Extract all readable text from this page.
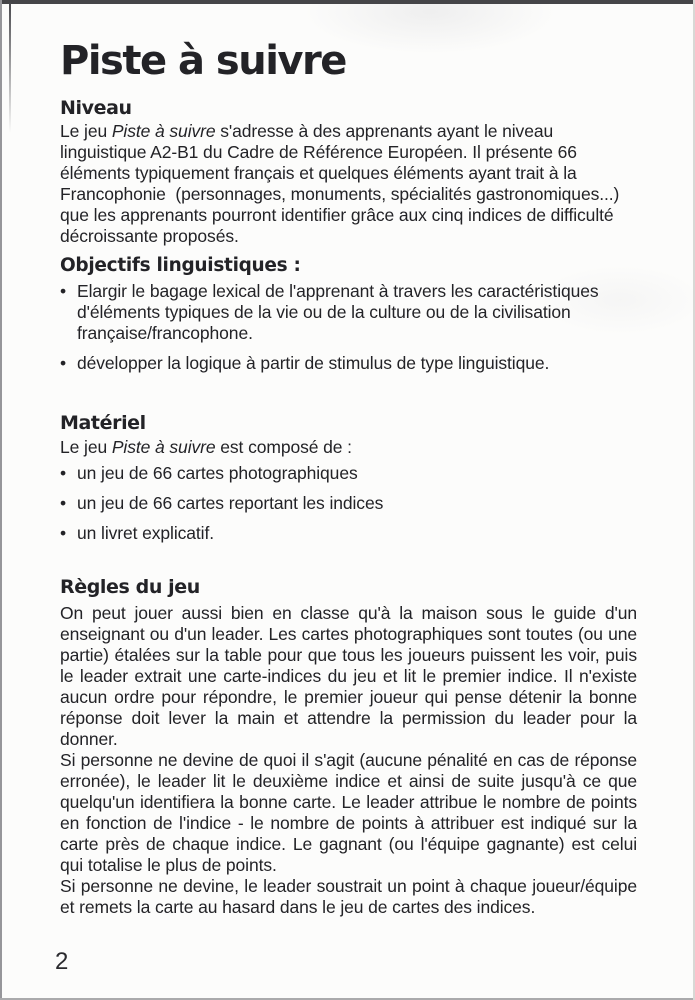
Piste à suivre
Niveau

Le jeu Piste à suivre s'adresse à des apprenants ayant le niveau linguistique A2-B1 du Cadre de Référence Européen. Il présente 66 éléments typiquement français et quelques éléments ayant trait à la Francophonie  (personnages, monuments, spécialités gastronomiques...) que les apprenants pourront identifier grâce aux cinq indices de difficulté décroissante proposés.

Objectifs linguistiques :
• Elargir le bagage lexical de l'apprenant à travers les caractéristiques d'éléments typiques de la vie ou de la culture ou de la civilisation française/francophone.
• développer la logique à partir de stimulus de type linguistique.
Matériel

Le jeu Piste à suivre est composé de :

• un jeu de 66 cartes photographiques
• un jeu de 66 cartes reportant les indices
• un livret explicatif.
Règles du jeu

On peut jouer aussi bien en classe qu'à la maison sous le guide d'un enseignant ou d'un leader. Les cartes photographiques sont toutes (ou une partie) étalées sur la table pour que tous les joueurs puissent les voir, puis le leader extrait une carte-indices du jeu et lit le premier indice. Il n'existe aucun ordre pour répondre, le premier joueur qui pense détenir la bonne réponse doit lever la main et attendre la permission du leader pour la donner.

Si personne ne devine de quoi il s'agit (aucune pénalité en cas de réponse erronée), le leader lit le deuxième indice et ainsi de suite jusqu'à ce que quelqu'un identifiera la bonne carte. Le leader attribue le nombre de points en fonction de l'indice - le nombre de points à attribuer est indiqué sur la carte près de chaque indice. Le gagnant (ou l'équipe gagnante) est celui qui totalise le plus de points.

Si personne ne devine, le leader soustrait un point à chaque joueur/équipe et remets la carte au hasard dans le jeu de cartes des indices.

2
